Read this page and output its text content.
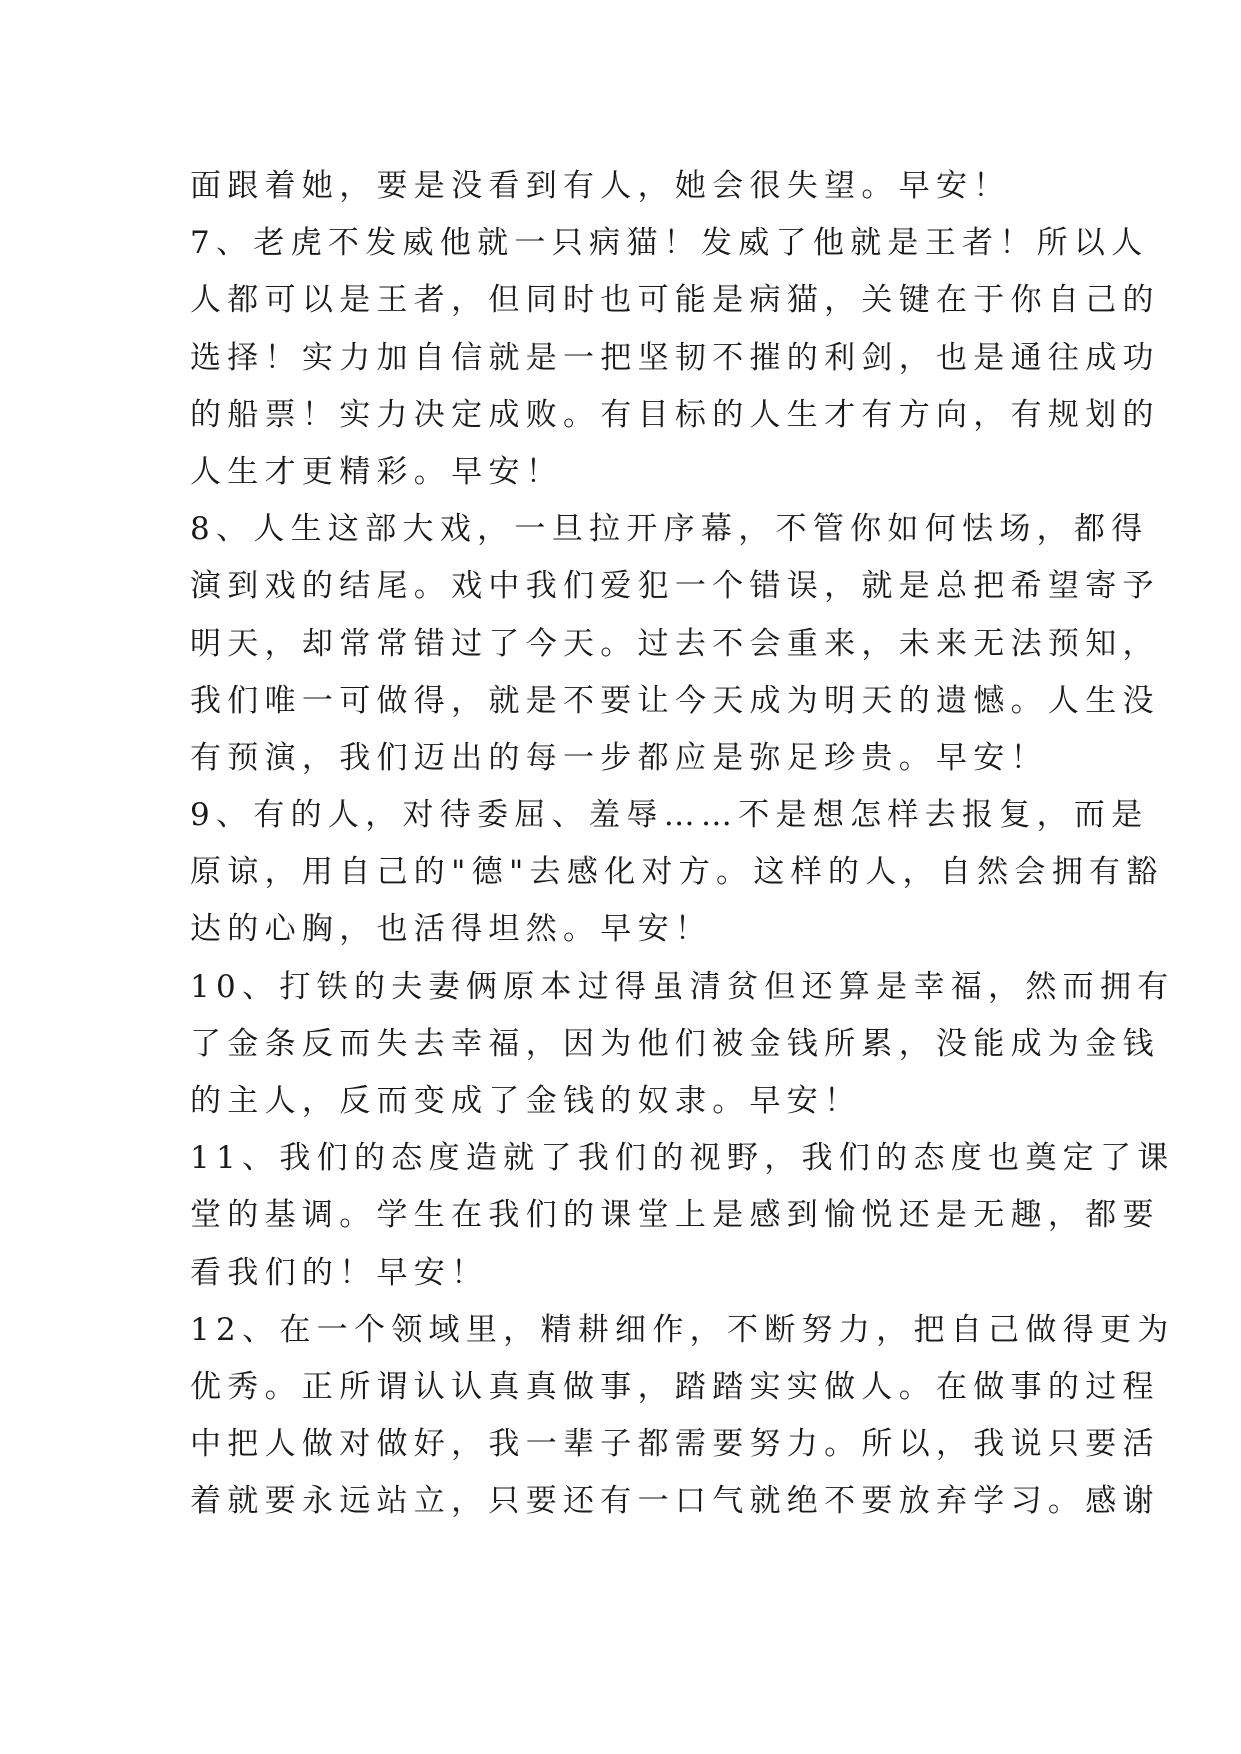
面跟着她，要是没看到有人，她会很失望。早安！
7、老虎不发威他就一只病猫！发威了他就是王者！所以人
人都可以是王者，但同时也可能是病猫，关键在于你自己的
选择！实力加自信就是一把坚韧不摧的利剑，也是通往成功
的船票！实力决定成败。有目标的人生才有方向，有规划的
人生才更精彩。早安！
8、人生这部大戏，一旦拉开序幕，不管你如何怯场，都得
演到戏的结尾。戏中我们爱犯一个错误，就是总把希望寄予
明天，却常常错过了今天。过去不会重来，未来无法预知，
我们唯一可做得，就是不要让今天成为明天的遗憾。人生没
有预演，我们迈出的每一步都应是弥足珍贵。早安！
9、有的人，对待委屈、羞辱……不是想怎样去报复，而是
原谅，用自己的"德"去感化对方。这样的人，自然会拥有豁
达的心胸，也活得坦然。早安！
10、打铁的夫妻俩原本过得虽清贫但还算是幸福，然而拥有
了金条反而失去幸福，因为他们被金钱所累，没能成为金钱
的主人，反而变成了金钱的奴隶。早安！
11、我们的态度造就了我们的视野，我们的态度也奠定了课
堂的基调。学生在我们的课堂上是感到愉悦还是无趣，都要
看我们的！早安！
12、在一个领域里，精耕细作，不断努力，把自己做得更为
优秀。正所谓认认真真做事，踏踏实实做人。在做事的过程
中把人做对做好，我一辈子都需要努力。所以，我说只要活
着就要永远站立，只要还有一口气就绝不要放弃学习。感谢
